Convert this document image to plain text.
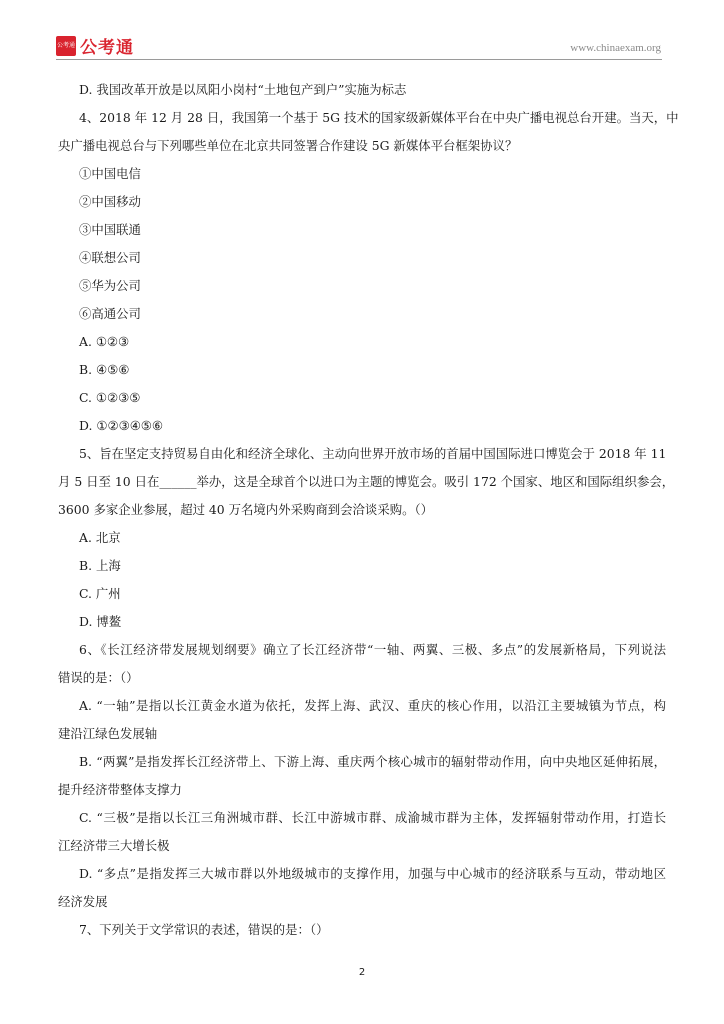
公考通 公考通	www.chinaexam.org
D. 我国改革开放是以凤阳小岗村“土地包产到户”实施为标志
4、2018 年 12 月 28 日，我国第一个基于 5G 技术的国家级新媒体平台在中央广播电视总台开建。当天，中
央广播电视总台与下列哪些单位在北京共同签署合作建设 5G 新媒体平台框架协议？
①中国电信
②中国移动
③中国联通
④联想公司
⑤华为公司
⑥高通公司
A. ①②③
B. ④⑤⑥
C. ①②③⑤
D. ①②③④⑤⑥
5、旨在坚定支持贸易自由化和经济全球化、主动向世界开放市场的首届中国国际进口博览会于 2018 年 11
月 5 日至 10 日在______举办，这是全球首个以进口为主题的博览会。吸引 172 个国家、地区和国际组织参会，
3600 多家企业参展，超过 40 万名境内外采购商到会洽谈采购。（）
A. 北京
B. 上海
C. 广州
D. 博鳌
6、《长江经济带发展规划纲要》确立了长江经济带“一轴、两翼、三极、多点”的发展新格局，下列说法
错误的是：（）
A. “一轴”是指以长江黄金水道为依托，发挥上海、武汉、重庆的核心作用，以沿江主要城镇为节点，构
建沿江绿色发展轴
B. “两翼”是指发挥长江经济带上、下游上海、重庆两个核心城市的辐射带动作用，向中央地区延伸拓展，
提升经济带整体支撑力
C. “三极”是指以长江三角洲城市群、长江中游城市群、成渝城市群为主体，发挥辐射带动作用，打造长
江经济带三大增长极
D. “多点”是指发挥三大城市群以外地级城市的支撑作用，加强与中心城市的经济联系与互动，带动地区
经济发展
7、下列关于文学常识的表述，错误的是：（）
2
